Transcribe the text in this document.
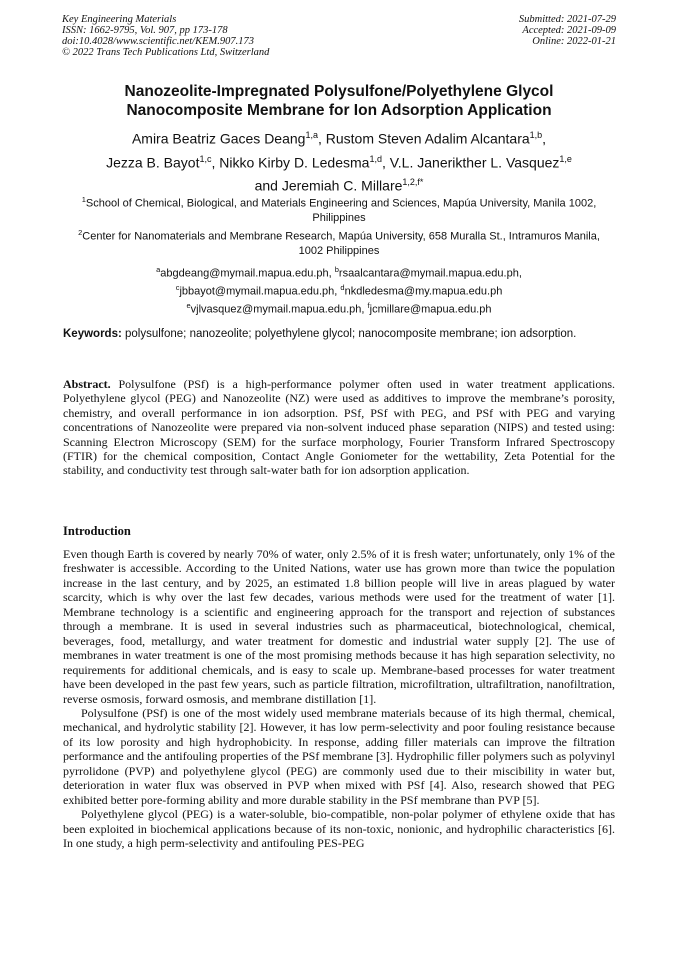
Key Engineering Materials
ISSN: 1662-9795, Vol. 907, pp 173-178
doi:10.4028/www.scientific.net/KEM.907.173
© 2022 Trans Tech Publications Ltd, Switzerland
Submitted: 2021-07-29
Accepted: 2021-09-09
Online: 2022-01-21
Nanozeolite-Impregnated Polysulfone/Polyethylene Glycol
Nanocomposite Membrane for Ion Adsorption Application
Amira Beatriz Gaces Deang$^{1,a}$, Rustom Steven Adalim Alcantara$^{1,b}$,
Jezza B. Bayot$^{1,c}$, Nikko Kirby D. Ledesma$^{1,d}$, V.L. Janerikther L. Vasquez$^{1,e}$
and Jeremiah C. Millare$^{1,2,f*}$
$^1$School of Chemical, Biological, and Materials Engineering and Sciences, Mapúa University, Manila 1002, Philippines
$^2$Center for Nanomaterials and Membrane Research, Mapúa University, 658 Muralla St., Intramuros Manila, 1002 Philippines
$^a$abgdeang@mymail.mapua.edu.ph, $^b$rsaalcantara@mymail.mapua.edu.ph,
$^c$jbbayot@mymail.mapua.edu.ph, $^d$nkdledesma@my.mapua.edu.ph
$^e$vjlvasquez@mymail.mapua.edu.ph, $^f$jcmillare@mapua.edu.ph
Keywords: polysulfone; nanozeolite; polyethylene glycol; nanocomposite membrane; ion adsorption.
Abstract. Polysulfone (PSf) is a high-performance polymer often used in water treatment applications. Polyethylene glycol (PEG) and Nanozeolite (NZ) were used as additives to improve the membrane’s porosity, chemistry, and overall performance in ion adsorption. PSf, PSf with PEG, and PSf with PEG and varying concentrations of Nanozeolite were prepared via non-solvent induced phase separation (NIPS) and tested using: Scanning Electron Microscopy (SEM) for the surface morphology, Fourier Transform Infrared Spectroscopy (FTIR) for the chemical composition, Contact Angle Goniometer for the wettability, Zeta Potential for the stability, and conductivity test through salt-water bath for ion adsorption application.
Introduction

Even though Earth is covered by nearly 70% of water, only 2.5% of it is fresh water; unfortunately, only 1% of the freshwater is accessible. According to the United Nations, water use has grown more than twice the population increase in the last century, and by 2025, an estimated 1.8 billion people will live in areas plagued by water scarcity, which is why over the last few decades, various methods were used for the treatment of water [1]. Membrane technology is a scientific and engineering approach for the transport and rejection of substances through a membrane. It is used in several industries such as pharmaceutical, biotechnological, chemical, beverages, food, metallurgy, and water treatment for domestic and industrial water supply [2]. The use of membranes in water treatment is one of the most promising methods because it has high separation selectivity, no requirements for additional chemicals, and is easy to scale up. Membrane-based processes for water treatment have been developed in the past few years, such as particle filtration, microfiltration, ultrafiltration, nanofiltration, reverse osmosis, forward osmosis, and membrane distillation [1].

Polysulfone (PSf) is one of the most widely used membrane materials because of its high thermal, chemical, mechanical, and hydrolytic stability [2]. However, it has low perm-selectivity and poor fouling resistance because of its low porosity and high hydrophobicity. In response, adding filler materials can improve the filtration performance and the antifouling properties of the PSf membrane [3]. Hydrophilic filler polymers such as polyvinyl pyrrolidone (PVP) and polyethylene glycol (PEG) are commonly used due to their miscibility in water but, deterioration in water flux was observed in PVP when mixed with PSf [4]. Also, research showed that PEG exhibited better pore-forming ability and more durable stability in the PSf membrane than PVP [5].

Polyethylene glycol (PEG) is a water-soluble, bio-compatible, non-polar polymer of ethylene oxide that has been exploited in biochemical applications because of its non-toxic, nonionic, and hydrophilic characteristics [6]. In one study, a high perm-selectivity and antifouling PES-PEG
